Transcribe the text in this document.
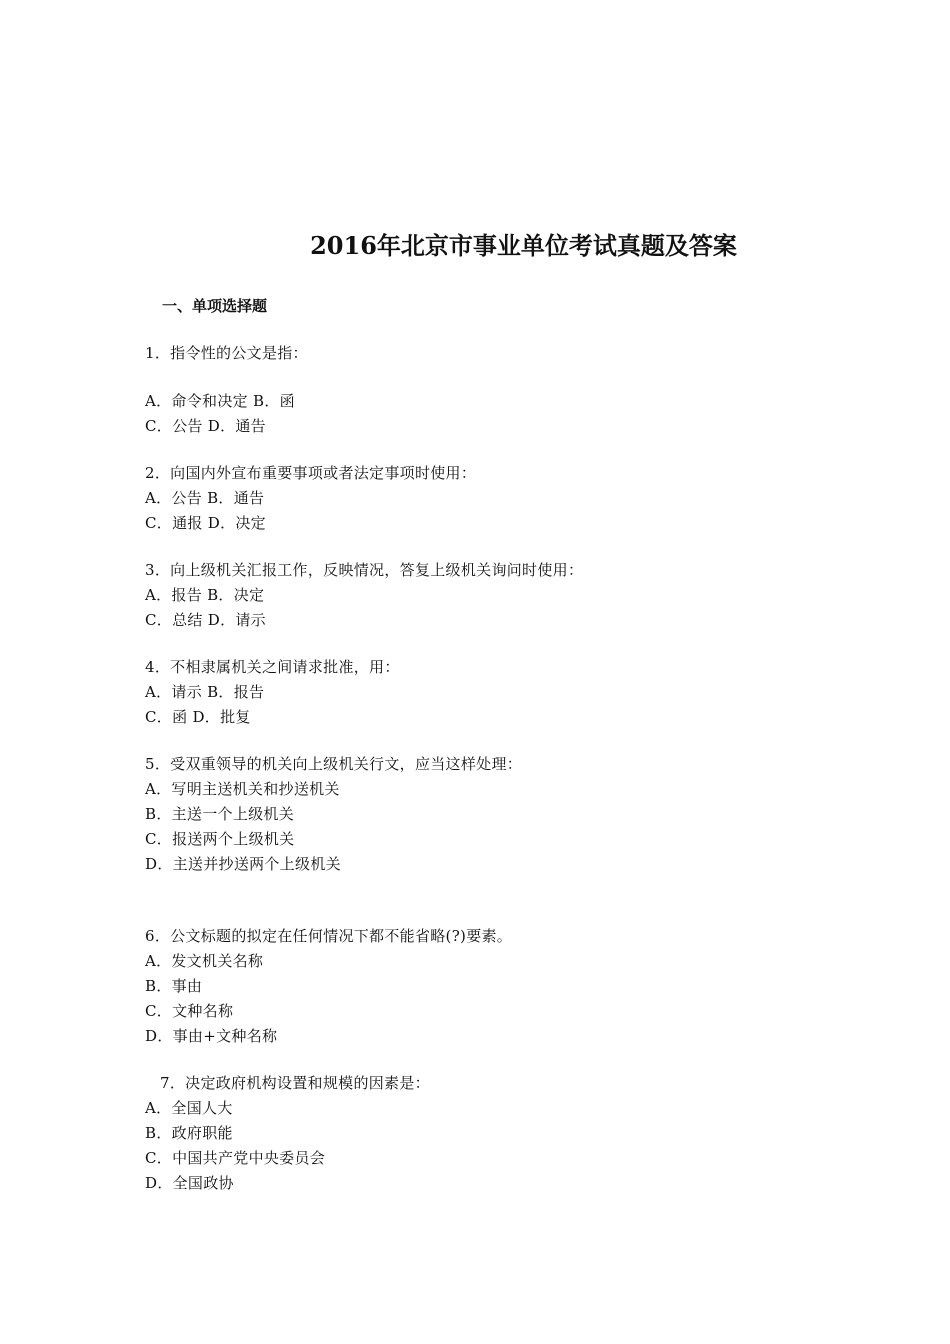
2016年北京市事业单位考试真题及答案
一、单项选择题
1．指令性的公文是指：
A．命令和决定 B．函
C．公告 D．通告
2．向国内外宣布重要事项或者法定事项时使用：
A．公告 B．通告
C．通报 D．决定
3．向上级机关汇报工作，反映情况，答复上级机关询问时使用：
A．报告 B．决定
C．总结 D．请示
4．不相隶属机关之间请求批准，用：
A．请示 B．报告
C．函 D．批复
5．受双重领导的机关向上级机关行文，应当这样处理：
A．写明主送机关和抄送机关
B．主送一个上级机关
C．报送两个上级机关
D．主送并抄送两个上级机关
6．公文标题的拟定在任何情况下都不能省略(?)要素。
A．发文机关名称
B．事由
C．文种名称
D．事由+文种名称
7．决定政府机构设置和规模的因素是：
A．全国人大
B．政府职能
C．中国共产党中央委员会
D．全国政协
